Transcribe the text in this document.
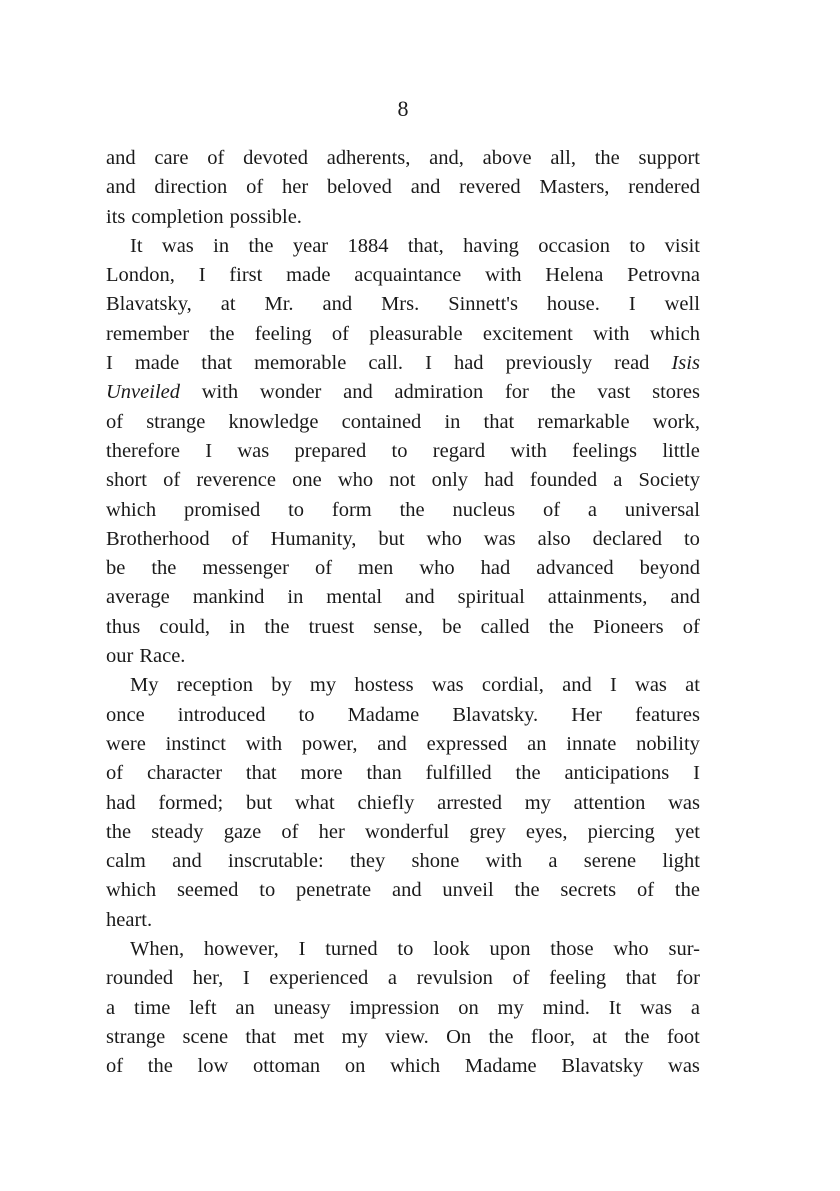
8
and care of devoted adherents, and, above all, the support
and direction of her beloved and revered Masters, rendered
its completion possible.
It was in the year 1884 that, having occasion to visit
London, I first made acquaintance with Helena Petrovna
Blavatsky, at Mr. and Mrs. Sinnett's house. I well
remember the feeling of pleasurable excitement with which
I made that memorable call. I had previously read Isis
Unveiled with wonder and admiration for the vast stores
of strange knowledge contained in that remarkable work,
therefore I was prepared to regard with feelings little
short of reverence one who not only had founded a Society
which promised to form the nucleus of a universal
Brotherhood of Humanity, but who was also declared to
be the messenger of men who had advanced beyond
average mankind in mental and spiritual attainments, and
thus could, in the truest sense, be called the Pioneers of
our Race.
My reception by my hostess was cordial, and I was at
once introduced to Madame Blavatsky. Her features
were instinct with power, and expressed an innate nobility
of character that more than fulfilled the anticipations I
had formed; but what chiefly arrested my attention was
the steady gaze of her wonderful grey eyes, piercing yet
calm and inscrutable: they shone with a serene light
which seemed to penetrate and unveil the secrets of the
heart.
When, however, I turned to look upon those who sur-
rounded her, I experienced a revulsion of feeling that for
a time left an uneasy impression on my mind. It was a
strange scene that met my view. On the floor, at the foot
of the low ottoman on which Madame Blavatsky was
